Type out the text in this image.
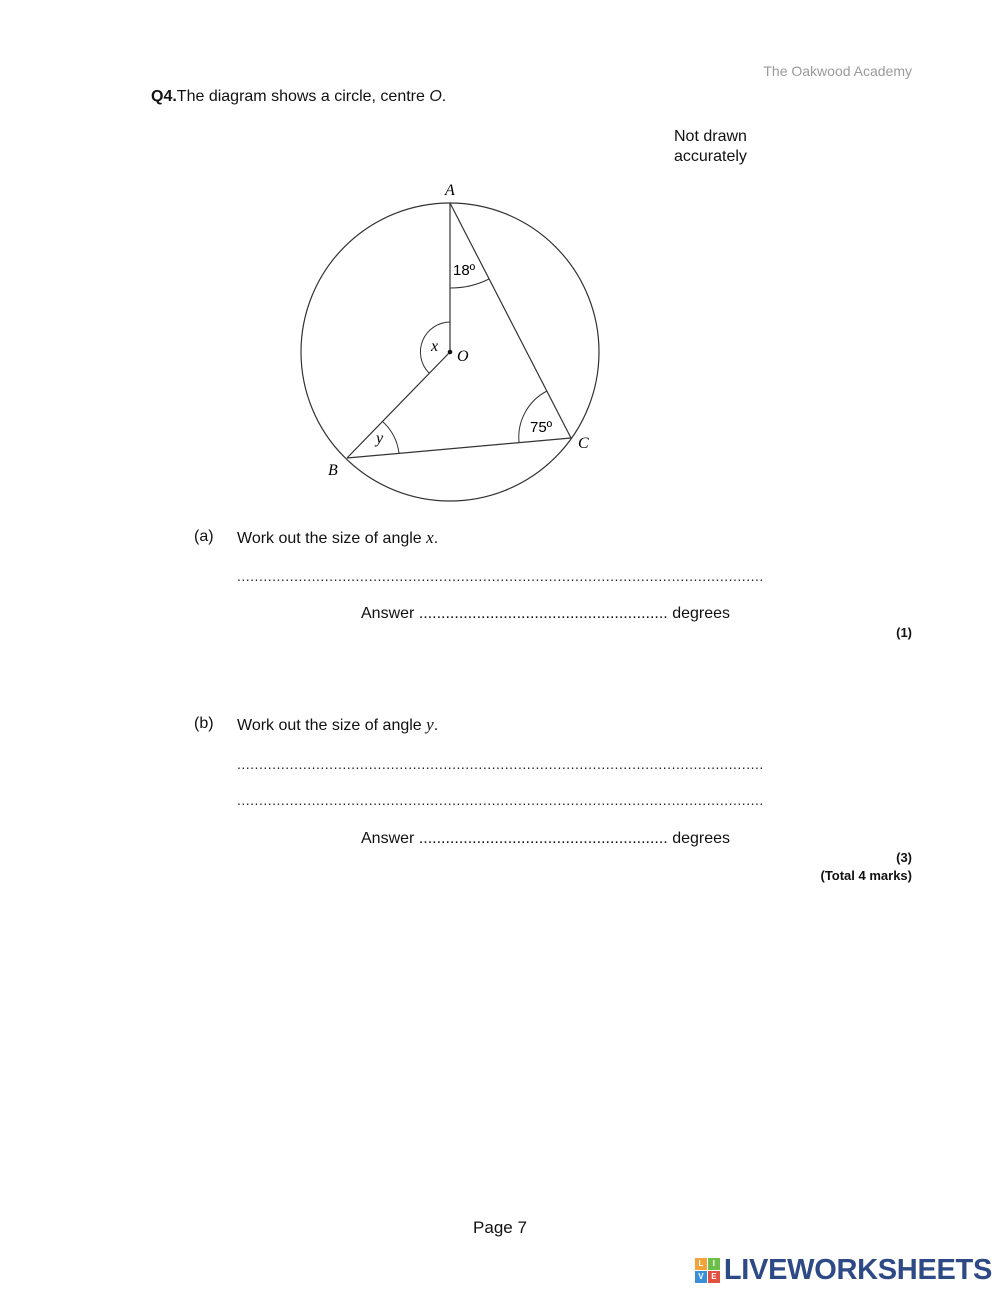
The Oakwood Academy
Q4.The diagram shows a circle, centre O.
Not drawn
accurately
A
B
C
O
18º
75º
x
y
(a) Work out the size of angle x.
........................................................................................................................
Answer ........................................................ degrees
(1)
(b) Work out the size of angle y.
........................................................................................................................
........................................................................................................................
Answer ........................................................ degrees
(3)
(Total 4 marks)
Page 7
L	I
V E LIVEWORKSHEETS
